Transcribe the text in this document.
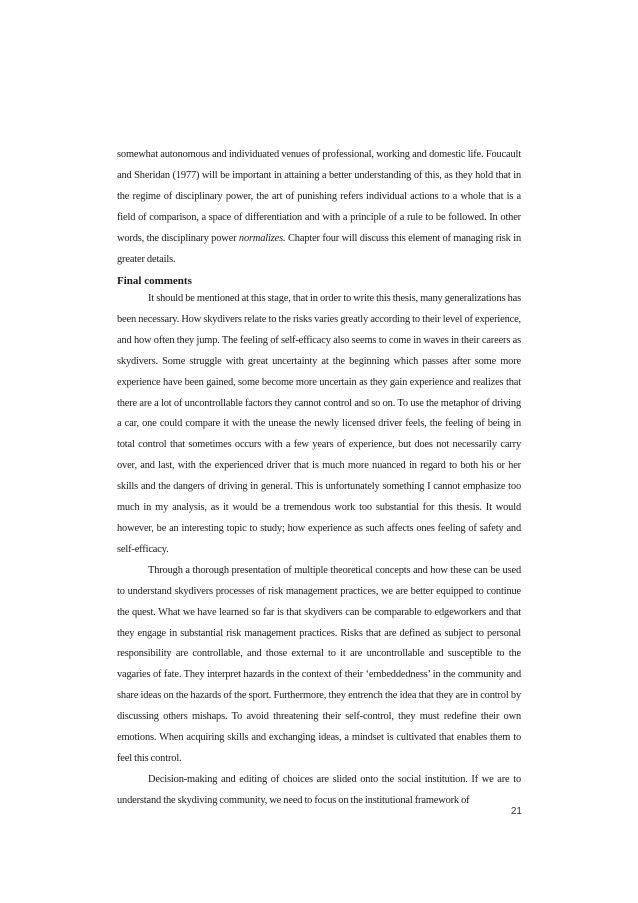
somewhat autonomous and individuated venues of professional, working and domestic life. Foucault and Sheridan (1977) will be important in attaining a better understanding of this, as they hold that in the regime of disciplinary power, the art of punishing refers individual actions to a whole that is a field of comparison, a space of differentiation and with a principle of a rule to be followed. In other words, the disciplinary power normalizes. Chapter four will discuss this element of managing risk in greater details.
Final comments

It should be mentioned at this stage, that in order to write this thesis, many generalizations has been necessary. How skydivers relate to the risks varies greatly according to their level of experience, and how often they jump. The feeling of self-efficacy also seems to come in waves in their careers as skydivers. Some struggle with great uncertainty at the beginning which passes after some more experience have been gained, some become more uncertain as they gain experience and realizes that there are a lot of uncontrollable factors they cannot control and so on. To use the metaphor of driving a car, one could compare it with the unease the newly licensed driver feels, the feeling of being in total control that sometimes occurs with a few years of experience, but does not necessarily carry over, and last, with the experienced driver that is much more nuanced in regard to both his or her skills and the dangers of driving in general. This is unfortunately something I cannot emphasize too much in my analysis, as it would be a tremendous work too substantial for this thesis. It would however, be an interesting topic to study; how experience as such affects ones feeling of safety and self-efficacy.

Through a thorough presentation of multiple theoretical concepts and how these can be used to understand skydivers processes of risk management practices, we are better equipped to continue the quest. What we have learned so far is that skydivers can be comparable to edgeworkers and that they engage in substantial risk management practices. Risks that are defined as subject to personal responsibility are controllable, and those external to it are uncontrollable and susceptible to the vagaries of fate. They interpret hazards in the context of their ‘embeddedness’ in the community and share ideas on the hazards of the sport. Furthermore, they entrench the idea that they are in control by discussing others mishaps. To avoid threatening their self-control, they must redefine their own emotions. When acquiring skills and exchanging ideas, a mindset is cultivated that enables them to feel this control.

Decision-making and editing of choices are slided onto the social institution. If we are to understand the skydiving community, we need to focus on the institutional framework of

21
